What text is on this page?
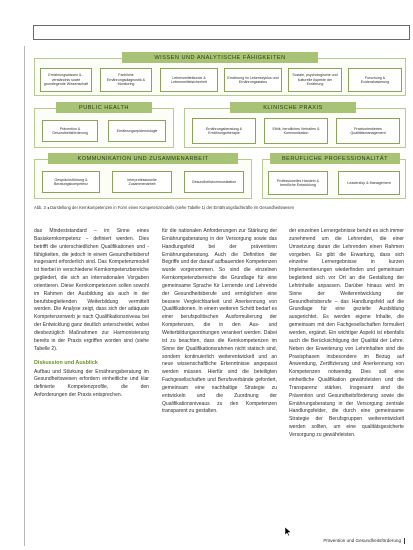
WISSEN UND ANALYTISCHE FÄHIGKEITEN
Ernährungswissen & -verständnis sowie grundlegende Wissenschaft
Fachliche Ernährungsdiagnostik & Monitoring
Lebensmittelkunde & Lebensmittelsicherheit
Ernährung im Lebenszyklus und Ernährungsstatus
Soziale, psychologische und kulturelle Aspekte der Ernährung
Forschung & Evidenzbasierung
PUBLIC HEALTH
Prävention & Gesundheitsförderung
Ernährungsepidemiologie
KLINISCHE PRAXIS
Ernährungsberatung & Ernährungstherapie
Ethik, berufliches Verhalten & Kommunikation
Praxisorientiertes Qualitätsmanagement
KOMMUNIKATION UND ZUSAMMENARBEIT
Gesprächsführung & Beratungskompetenz
Interprofessionelle Zusammenarbeit
Gesundheitskommunikation
BERUFLICHE PROFESSIONALITÄT
Professionelles Handeln & berufliche Entwicklung
Leadership & Management
Abb. 3 ◂ Darstellung der Kernkompetenzen in Form eines Kompetenzmodells (siehe Tabelle 1) der Ernährungsfachkräfte im Gesundheitswesen

das Mindeststandard – im Sinne eines Basiskernkompetenz – definiert werden. Dies betrifft die unterschiedlichen Qualifikationen und -fähigkeiten, die jedoch in einem Gesundheitsberuf insgesamt erforderlich sind. Das Kompetenzmodell ist hierbei in verschiedene Kernkompetenzbereiche gegliedert, die sich an internationalen Vorgaben orientieren. Diese Kernkompetenzen sollen sowohl im Rahmen der Ausbildung als auch in der berufsbegleitenden Weiterbildung vermittelt werden. Die Analyse zeigt, dass sich der adäquate Kompetenzerwerb je nach Qualifikationsniveau bei der Entwicklung ganz deutlich unterscheidet, wobei diesbezüglich Maßnahmen zur Harmonisierung bereits in der Praxis ergriffen worden sind (siehe Tabelle 2).

Diskussion und Ausblick

Aufbau und Stärkung der Ernährungsberatung im Gesundheitswesen erfordern einheitliche und klar definierte Kompetenzprofile, die den Anforderungen der Praxis entsprechen.

für die nationalen Anforderungen zur Stärkung der Ernährungsberatung in der Versorgung sowie das Handlungsfeld bei der präventiven Ernährungsberatung. Auch die Definition der Begriffe und der darauf aufbauenden Kompetenzen wurde vorgenommen. So sind die einzelnen Kernkompetenzbereiche die Grundlage für eine gemeinsame Sprache für Lernende und Lehrende der Gesundheitsberufe und ermöglichen eine bessere Vergleichbarkeit und Anerkennung von Qualifikationen. In einem weiteren Schritt bedarf es einer berufspolitischen Ausformulierung der Kompetenzen, die in den Aus- und Weiterbildungsordnungen verankert werden. Dabei ist zu beachten, dass die Kernkompetenzen im Sinne der Qualifikationsrahmen nicht statisch sind, sondern kontinuierlich weiterentwickelt und an neue wissenschaftliche Erkenntnisse angepasst werden müssen. Hierfür sind die beteiligten Fachgesellschaften und Berufsverbände gefordert, gemeinsam eine nachhaltige Strategie zu entwickeln und die Zuordnung der Qualifikationsniveaus zu den Kompetenzen transparent zu gestalten.

der einzelnen Lernergebnisse beruht es sich immer zunehmend um die Lehrenden, die einer Umsetzung daran die Lehrenden einen Rahmen vorgeben. Es gibt die Erwartung, dass sich einzelne Lernergebnisse in kurzen Implementierungen wiederfinden und gemeinsam begleitend sich vor Ort an die Gestaltung der Lehrinhalte anpassen. Darüber hinaus wird im Sinne der Weiterentwicklung der Gesundheitsberufe – das Handlungsfeld auf die Grundlage für eine gezielte Ausbildung ausgerichtet. Es werden eigene Inhalte, die gemeinsam mit den Fachgesellschaften formuliert werden, ergänzt. Ein wichtiger Aspekt ist ebenfalls auch die Berücksichtigung der Qualität der Lehre. Neben der Erweiterung von Lehrinhalten sind die Praxisphasen insbesondere im Bezug auf Anwendung, Zertifizierung und Anerkennung von Kompetenzen notwendig. Dies soll eine einheitliche Qualifikation gewährleisten und die Transparenz stärken. Insgesamt sind die Prävention und Gesundheitsförderung sowie die Ernährungsberatung in der Versorgung zentrale Handlungsfelder, die durch eine gemeinsame Strategie der Berufsgruppen weiterentwickelt werden sollten, um eine qualitätsgesicherte Versorgung zu gewährleisten.

Prävention und Gesundheitsförderung
